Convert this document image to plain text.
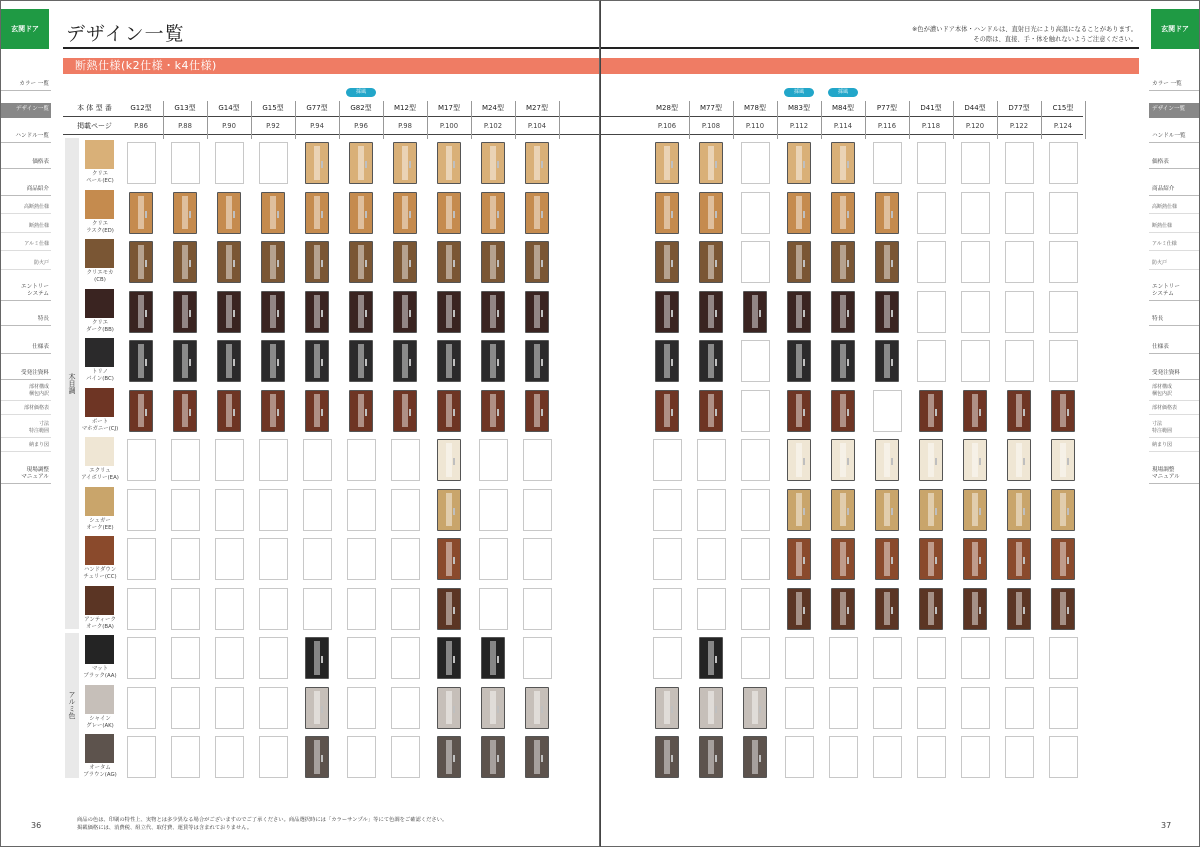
玄関ドア	デザイン一覧
断熱仕様(k2仕様・k4仕様)
カラー 一覧
デザイン一覧
ハンドル一覧
価格表
商品紹介
高断熱仕様
断熱仕様
アルミ仕様
防火戸
エントリー
システム
特長
仕様表
受発注資料
部材構成
梱包内訳
部材価格表
寸法
特注範囲
納まり図
現場調整
マニュアル
本 体 型 番
掲載ページ
木目調
アルミ色
クリエ
ペール(EC)
クリエ
ラスク(ED)
クリエモカ
(CB)
クリエ
ダーク(BB)
トリノ
パイン(BC)
ボート
マホガニー(CJ)
エクリュ
アイボリー(EA)
シュガー
オーク(EE)
ハンドダウン
チェリー(CC)
アンティーク
オーク(BA)
マット
ブラック(AA)
シャイン
グレー(AK)
オータム
ブラウン(AG)
36
商品の色は、印刷の特性上、実物とは多少異なる場合がございますのでご了承ください。商品選択時には「カラーサンプル」等にて色調をご確認ください。
掲載価格には、消費税、組立代、取付費、運賃等は含まれておりません。
G12型
P.86
G13型
P.88
G14型
P.90
G15型
P.92
G77型
P.94
G82型
P.96
採風
M12型
P.98
M17型
P.100
M24型
P.102
M27型
P.104
玄関ドア
※色が濃いドア本体・ハンドルは、直射日光により高温になることがあります。
その際は、直接、手・体を触れないようご注意ください。
カラー 一覧
デザイン一覧
ハンドル一覧
価格表
商品紹介
高断熱仕様
断熱仕様
アルミ仕様
防火戸
エントリー
システム
特長
仕様表
受発注資料
部材構成
梱包内訳
部材価格表
寸法
特注範囲
納まり図
現場調整
マニュアル
37
M28型
P.106
M77型
P.108
M78型
P.110
M83型
P.112
採風
M84型
P.114
採風
P77型
P.116
D41型
P.118
D44型
P.120
D77型
P.122
C15型
P.124
